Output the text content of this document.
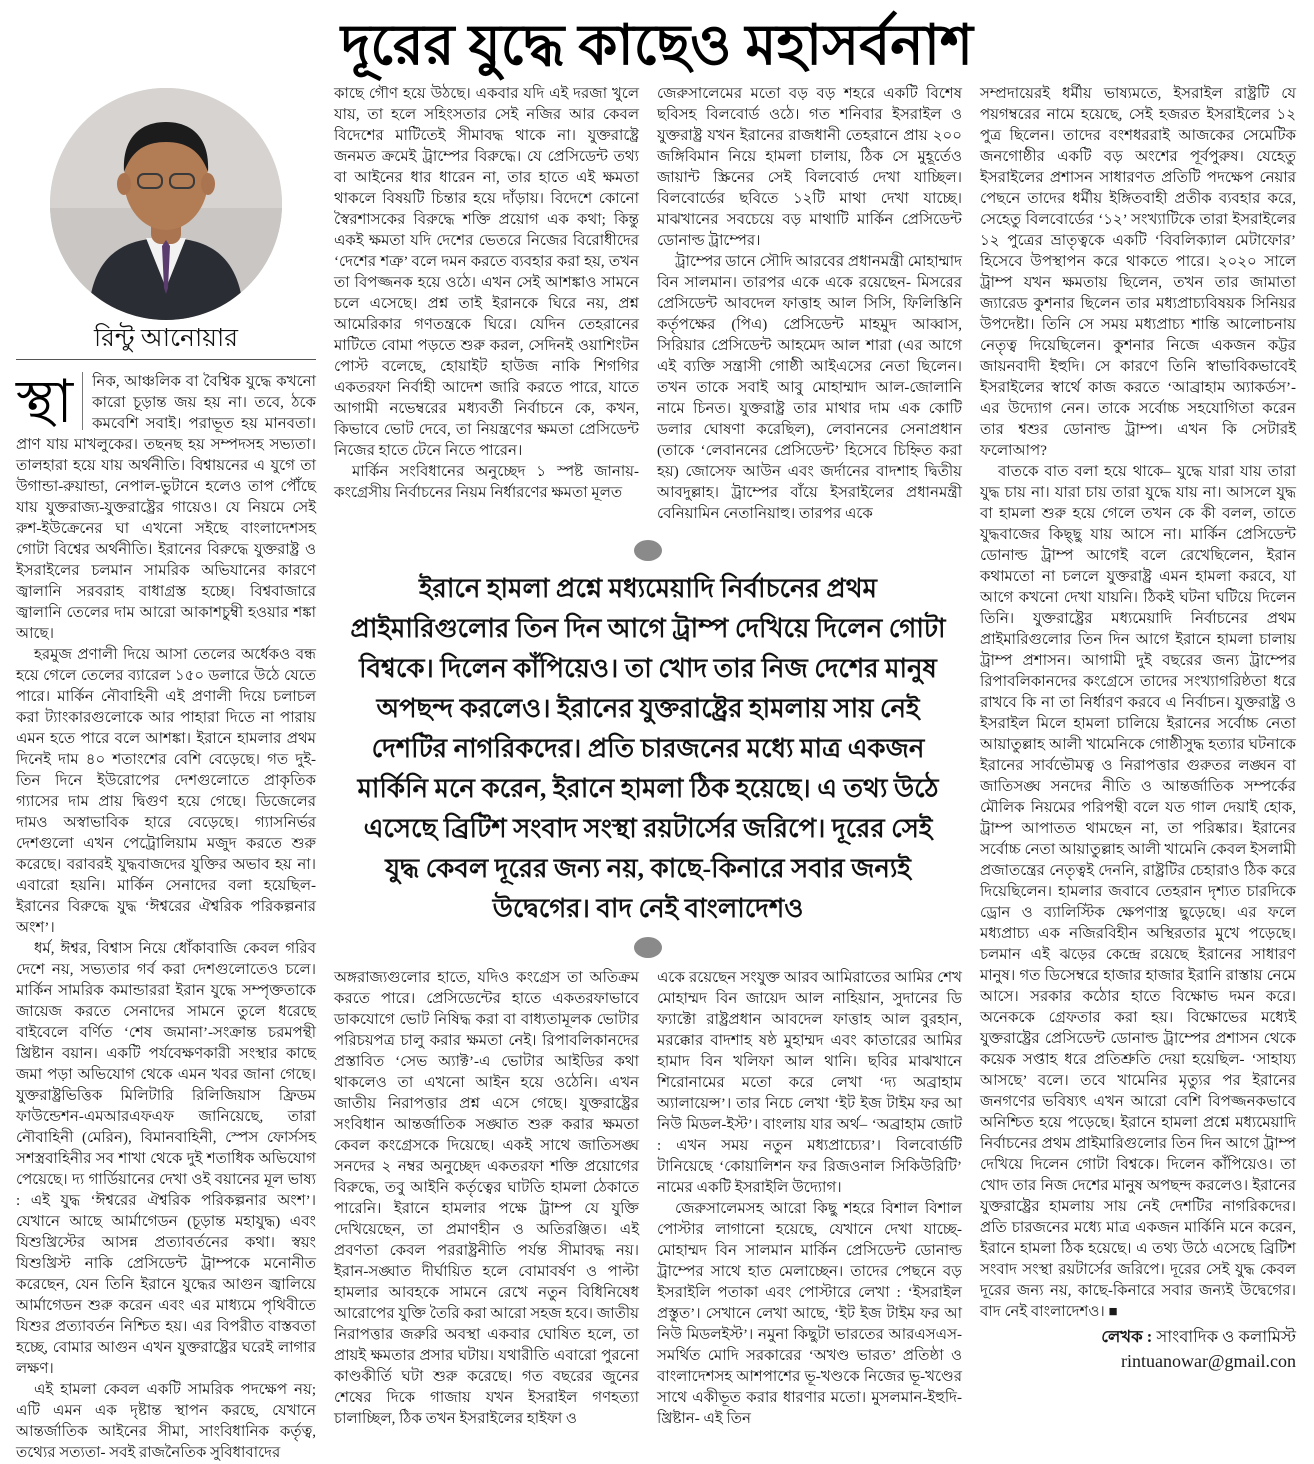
দূরের যুদ্ধে কাছেও মহাসর্বনাশ
রিন্টু আনোয়ার

স্থা	নিক, আঞ্চলিক বা বৈশ্বিক যুদ্ধে কখনো কারো চূড়ান্ত জয় হয় না। তবে, ঠকে কমবেশি সবাই। পরাভূত হয় মানবতা। প্রাণ যায় মাখলুকের। তছনছ হয় সম্পদসহ সভ্যতা। তালহারা হয়ে যায় অর্থনীতি। বিশ্বায়নের এ যুগে তা উগান্ডা-রুয়ান্ডা, নেপাল-ভুটানে হলেও তাপ পৌঁছে যায় যুক্তরাজ্য-যুক্তরাষ্ট্রের গায়েও। যে নিয়মে সেই রুশ-ইউক্রেনের ঘা এখনো সইছে বাংলাদেশসহ গোটা বিশ্বের অর্থনীতি। ইরানের বিরুদ্ধে যুক্তরাষ্ট্র ও ইসরাইলের চলমান সামরিক অভিযানের কারণে জ্বালানি সরবরাহ বাধাগ্রস্ত হচ্ছে। বিশ্ববাজারে জ্বালানি তেলের দাম আরো আকাশচুম্বী হওয়ার শঙ্কা আছে।

হরমুজ প্রণালী দিয়ে আসা তেলের অর্ধেকও বন্ধ হয়ে গেলে তেলের ব্যারেল ১৫০ ডলারে উঠে যেতে পারে। মার্কিন নৌবাহিনী এই প্রণালী দিয়ে চলাচল করা ট্যাংকারগুলোকে আর পাহারা দিতে না পারায় এমন হতে পারে বলে আশঙ্কা। ইরানে হামলার প্রথম দিনেই দাম ৪০ শতাংশের বেশি বেড়েছে। গত দুই-তিন দিনে ইউরোপের দেশগুলোতে প্রাকৃতিক গ্যাসের দাম প্রায় দ্বিগুণ হয়ে গেছে। ডিজেলের দামও অস্বাভাবিক হারে বেড়েছে। গ্যাসনির্ভর দেশগুলো এখন পেট্রোলিয়াম মজুদ করতে শুরু করেছে। বরাবরই যুদ্ধবাজদের যুক্তির অভাব হয় না। এবারো হয়নি। মার্কিন সেনাদের বলা হয়েছিল- ইরানের বিরুদ্ধে যুদ্ধ ‘ঈশ্বরের ঐশ্বরিক পরিকল্পনার অংশ’।

ধর্ম, ঈশ্বর, বিশ্বাস নিয়ে ধোঁকাবাজি কেবল গরিব দেশে নয়, সভ্যতার গর্ব করা দেশগুলোতেও চলে। মার্কিন সামরিক কমান্ডাররা ইরান যুদ্ধে সম্পৃক্ততাকে জায়েজ করতে সেনাদের সামনে তুলে ধরেছে বাইবেলে বর্ণিত ‘শেষ জমানা’-সংক্রান্ত চরমপন্থী খ্রিষ্টান বয়ান। একটি পর্যবেক্ষণকারী সংস্থার কাছে জমা পড়া অভিযোগ থেকে এমন খবর জানা গেছে। যুক্তরাষ্ট্রভিত্তিক মিলিটারি রিলিজিয়াস ফ্রিডম ফাউন্ডেশন-এমআরএফএফ জানিয়েছে, তারা নৌবাহিনী (মেরিন), বিমানবাহিনী, স্পেস ফোর্সসহ সশস্ত্রবাহিনীর সব শাখা থেকে দুই শতাধিক অভিযোগ পেয়েছে। দ্য গার্ডিয়ানের দেখা ওই বয়ানের মূল ভাষ্য : এই যুদ্ধ ‘ঈশ্বরের ঐশ্বরিক পরিকল্পনার অংশ’। যেখানে আছে আর্মাগেডন (চূড়ান্ত মহাযুদ্ধ) এবং যিশুখ্রিস্টের আসন্ন প্রত্যাবর্তনের কথা। স্বয়ং যিশুখ্রিস্ট নাকি প্রেসিডেন্ট ট্রাম্পকে মনোনীত করেছেন, যেন তিনি ইরানে যুদ্ধের আগুন জ্বালিয়ে আর্মাগেডন শুরু করেন এবং এর মাধ্যমে পৃথিবীতে যিশুর প্রত্যাবর্তন নিশ্চিত হয়। এর বিপরীত বাস্তবতা হচ্ছে, বোমার আগুন এখন যুক্তরাষ্ট্রের ঘরেই লাগার লক্ষণ।

এই হামলা কেবল একটি সামরিক পদক্ষেপ নয়; এটি এমন এক দৃষ্টান্ত স্থাপন করছে, যেখানে আন্তর্জাতিক আইনের সীমা, সাংবিধানিক কর্তৃত্ব, তথ্যের সত্যতা- সবই রাজনৈতিক সুবিধাবাদের

কাছে গৌণ হয়ে উঠছে। একবার যদি এই দরজা খুলে যায়, তা হলে সহিংসতার সেই নজির আর কেবল বিদেশের মাটিতেই সীমাবদ্ধ থাকে না। যুক্তরাষ্ট্রে জনমত ক্রমেই ট্রাম্পের বিরুদ্ধে। যে প্রেসিডেন্ট তথ্য বা আইনের ধার ধারেন না, তার হাতে এই ক্ষমতা থাকলে বিষয়টি চিন্তার হয়ে দাঁড়ায়। বিদেশে কোনো স্বৈরশাসকের বিরুদ্ধে শক্তি প্রয়োগ এক কথা; কিন্তু একই ক্ষমতা যদি দেশের ভেতরে নিজের বিরোধীদের ‘দেশের শত্রু’ বলে দমন করতে ব্যবহার করা হয়, তখন তা বিপজ্জনক হয়ে ওঠে। এখন সেই আশঙ্কাও সামনে চলে এসেছে। প্রশ্ন তাই ইরানকে ঘিরে নয়, প্রশ্ন আমেরিকার গণতন্ত্রকে ঘিরে। যেদিন তেহরানের মাটিতে বোমা পড়তে শুরু করল, সেদিনই ওয়াশিংটন পোস্ট বলেছে, হোয়াইট হাউজ নাকি শিগগির একতরফা নির্বাহী আদেশ জারি করতে পারে, যাতে আগামী নভেম্বরের মধ্যবর্তী নির্বাচনে কে, কখন, কিভাবে ভোট দেবে, তা নিয়ন্ত্রণের ক্ষমতা প্রেসিডেন্ট নিজের হাতে টেনে নিতে পারেন।

মার্কিন সংবিধানের অনুচ্ছেদ ১ স্পষ্ট জানায়- কংগ্রেসীয় নির্বাচনের নিয়ম নির্ধারণের ক্ষমতা মূলত

জেরুসালেমের মতো বড় বড় শহরে একটি বিশেষ ছবিসহ বিলবোর্ড ওঠে। গত শনিবার ইসরাইল ও যুক্তরাষ্ট্র যখন ইরানের রাজধানী তেহরানে প্রায় ২০০ জঙ্গিবিমান নিয়ে হামলা চালায়, ঠিক সে মুহূর্তেও জায়ান্ট স্ক্রিনের সেই বিলবোর্ড দেখা যাচ্ছিল। বিলবোর্ডের ছবিতে ১২টি মাথা দেখা যাচ্ছে। মাঝখানের সবচেয়ে বড় মাথাটি মার্কিন প্রেসিডেন্ট ডোনাল্ড ট্রাম্পের।

ট্রাম্পের ডানে সৌদি আরবের প্রধানমন্ত্রী মোহাম্মাদ বিন সালমান। তারপর একে একে রয়েছেন- মিসরের প্রেসিডেন্ট আবদেল ফাত্তাহ আল সিসি, ফিলিস্তিনি কর্তৃপক্ষের (পিএ) প্রেসিডেন্ট মাহমুদ আব্বাস, সিরিয়ার প্রেসিডেন্ট আহমেদ আল শারা (এর আগে এই ব্যক্তি সন্ত্রাসী গোষ্ঠী আইএসের নেতা ছিলেন। তখন তাকে সবাই আবু মোহাম্মাদ আল-জোলানি নামে চিনত। যুক্তরাষ্ট্র তার মাথার দাম এক কোটি ডলার ঘোষণা করেছিল), লেবাননের সেনাপ্রধান (তাকে ‘লেবাননের প্রেসিডেন্ট’ হিসেবে চিহ্নিত করা হয়) জোসেফ আউন এবং জর্দানের বাদশাহ দ্বিতীয় আবদুল্লাহ। ট্রাম্পের বাঁয়ে ইসরাইলের প্রধানমন্ত্রী বেনিয়ামিন নেতানিয়াহু। তারপর একে

ইরানে হামলা প্রশ্নে মধ্যমেয়াদি নির্বাচনের প্রথম প্রাইমারিগুলোর তিন দিন আগে ট্রাম্প দেখিয়ে দিলেন গোটা বিশ্বকে। দিলেন কাঁপিয়েও। তা খোদ তার নিজ দেশের মানুষ অপছন্দ করলেও। ইরানের যুক্তরাষ্ট্রের হামলায় সায় নেই দেশটির নাগরিকদের। প্রতি চারজনের মধ্যে মাত্র একজন মার্কিনি মনে করেন, ইরানে হামলা ঠিক হয়েছে। এ তথ্য উঠে এসেছে ব্রিটিশ সংবাদ সংস্থা রয়টার্সের জরিপে। দূরের সেই যুদ্ধ কেবল দূরের জন্য নয়, কাছে-কিনারে সবার জন্যই উদ্বেগের। বাদ নেই বাংলাদেশও

অঙ্গরাজ্যগুলোর হাতে, যদিও কংগ্রেস তা অতিক্রম করতে পারে। প্রেসিডেন্টের হাতে একতরফাভাবে ডাকযোগে ভোট নিষিদ্ধ করা বা বাধ্যতামূলক ভোটার পরিচয়পত্র চালু করার ক্ষমতা নেই। রিপাবলিকানদের প্রস্তাবিত ‘সেভ অ্যাক্ট’-এ ভোটার আইডির কথা থাকলেও তা এখনো আইন হয়ে ওঠেনি। এখন জাতীয় নিরাপত্তার প্রশ্ন এসে গেছে। যুক্তরাষ্ট্রের সংবিধান আন্তর্জাতিক সঙ্ঘাত শুরু করার ক্ষমতা কেবল কংগ্রেসকে দিয়েছে। একই সাথে জাতিসঙ্ঘ সনদের ২ নম্বর অনুচ্ছেদ একতরফা শক্তি প্রয়োগের বিরুদ্ধে, তবু আইনি কর্তৃত্বের ঘাটতি হামলা ঠেকাতে পারেনি। ইরানে হামলার পক্ষে ট্রাম্প যে যুক্তি দেখিয়েছেন, তা প্রমাণহীন ও অতিরঞ্জিত। এই প্রবণতা কেবল পররাষ্ট্রনীতি পর্যন্ত সীমাবদ্ধ নয়। ইরান-সঙ্ঘাত দীর্ঘায়িত হলে বোমাবর্ষণ ও পাল্টা হামলার আবহকে সামনে রেখে নতুন বিধিনিষেধ আরোপের যুক্তি তৈরি করা আরো সহজ হবে। জাতীয় নিরাপত্তার জরুরি অবস্থা একবার ঘোষিত হলে, তা প্রায়ই ক্ষমতার প্রসার ঘটায়। যথারীতি এবারো পুরনো কাণ্ডকীর্তি ঘটা শুরু করেছে। গত বছরের জুনের শেষের দিকে গাজায় যখন ইসরাইল গণহত্যা চালাচ্ছিল, ঠিক তখন ইসরাইলের হাইফা ও

একে রয়েছেন সংযুক্ত আরব আমিরাতের আমির শেখ মোহাম্মদ বিন জায়েদ আল নাহিয়ান, সুদানের ডি ফ্যাক্টো রাষ্ট্রপ্রধান আবদেল ফাত্তাহ আল বুরহান, মরক্কোর বাদশাহ ষষ্ঠ মুহাম্মদ এবং কাতারের আমির হামাদ বিন খলিফা আল থানি। ছবির মাঝখানে শিরোনামের মতো করে লেখা ‘দ্য অব্রাহাম অ্যালায়েন্স’। তার নিচে লেখা ‘ইট ইজ টাইম ফর আ নিউ মিডল-ইস্ট’। বাংলায় যার অর্থ– ‘অব্রাহাম জোট : এখন সময় নতুন মধ্যপ্রাচ্যের’। বিলবোর্ডটি টানিয়েছে ‘কোয়ালিশন ফর রিজওনাল সিকিউরিটি’ নামের একটি ইসরাইলি উদ্যোগ।

জেরুসালেমসহ আরো কিছু শহরে বিশাল বিশাল পোস্টার লাগানো হয়েছে, যেখানে দেখা যাচ্ছে- মোহাম্মদ বিন সালমান মার্কিন প্রেসিডেন্ট ডোনাল্ড ট্রাম্পের সাথে হাত মেলাচ্ছেন। তাদের পেছনে বড় ইসরাইলি পতাকা এবং পোস্টারে লেখা : ‘ইসরাইল প্রস্তুত’। সেখানে লেখা আছে, ‘ইট ইজ টাইম ফর আ নিউ মিডলইস্ট’। নমুনা কিছুটা ভারতের আরএসএস-সমর্থিত মোদি সরকারের ‘অখণ্ড ভারত’ প্রতিষ্ঠা ও বাংলাদেশসহ আশপাশের ভূ-খণ্ডকে নিজের ভূ-খণ্ডের সাথে একীভূত করার ধারণার মতো। মুসলমান-ইহুদি-খ্রিষ্টান- এই তিন

সম্প্রদায়েরই ধর্মীয় ভাষ্যমতে, ইসরাইল রাষ্ট্রটি যে পয়গম্বরের নামে হয়েছে, সেই হজরত ইসরাইলের ১২ পুত্র ছিলেন। তাদের বংশধররাই আজকের সেমেটিক জনগোষ্ঠীর একটি বড় অংশের পূর্বপুরুষ। যেহেতু ইসরাইলের প্রশাসন সাধারণত প্রতিটি পদক্ষেপ নেয়ার পেছনে তাদের ধর্মীয় ইঙ্গিতবাহী প্রতীক ব্যবহার করে, সেহেতু বিলবোর্ডের ‘১২’ সংখ্যাটিকে তারা ইসরাইলের ১২ পুত্রের ভ্রাতৃত্বকে একটি ‘বিবলিক্যাল মেটাফোর’ হিসেবে উপস্থাপন করে থাকতে পারে। ২০২০ সালে ট্রাম্প যখন ক্ষমতায় ছিলেন, তখন তার জামাতা জ্যারেড কুশনার ছিলেন তার মধ্যপ্রাচ্যবিষয়ক সিনিয়র উপদেষ্টা। তিনি সে সময় মধ্যপ্রাচ্য শান্তি আলোচনায় নেতৃত্ব দিয়েছিলেন। কুশনার নিজে একজন কট্টর জায়নবাদী ইহুদি। সে কারণে তিনি স্বাভাবিকভাবেই ইসরাইলের স্বার্থে কাজ করতে ‘আব্রাহাম অ্যাকর্ডস’-এর উদ্যোগ নেন। তাকে সর্বোচ্চ সহযোগিতা করেন তার শ্বশুর ডোনাল্ড ট্রাম্প। এখন কি সেটারই ফলোআপ?

বাতকে বাত বলা হয়ে থাকে– যুদ্ধে যারা যায় তারা যুদ্ধ চায় না। যারা চায় তারা যুদ্ধে যায় না। আসলে যুদ্ধ বা হামলা শুরু হয়ে গেলে তখন কে কী বলল, তাতে যুদ্ধবাজের কিছ্ছু যায় আসে না। মার্কিন প্রেসিডেন্ট ডোনাল্ড ট্রাম্প আগেই বলে রেখেছিলেন, ইরান কথামতো না চললে যুক্তরাষ্ট্র এমন হামলা করবে, যা আগে কখনো দেখা যায়নি। ঠিকই ঘটনা ঘটিয়ে দিলেন তিনি। যুক্তরাষ্ট্রের মধ্যমেয়াদি নির্বাচনের প্রথম প্রাইমারিগুলোর তিন দিন আগে ইরানে হামলা চালায় ট্রাম্প প্রশাসন। আগামী দুই বছরের জন্য ট্রাম্পের রিপাবলিকানদের কংগ্রেসে তাদের সংখ্যাগরিষ্ঠতা ধরে রাখবে কি না তা নির্ধারণ করবে এ নির্বাচন। যুক্তরাষ্ট্র ও ইসরাইল মিলে হামলা চালিয়ে ইরানের সর্বোচ্চ নেতা আয়াতুল্লাহ আলী খামেনিকে গোষ্ঠীসুদ্ধ হত্যার ঘটনাকে ইরানের সার্বভৌমত্ব ও নিরাপত্তার গুরুতর লঙ্ঘন বা জাতিসঙ্ঘ সনদের নীতি ও আন্তর্জাতিক সম্পর্কের মৌলিক নিয়মের পরিপন্থী বলে যত গাল দেয়াই হোক, ট্রাম্প আপাতত থামছেন না, তা পরিষ্কার। ইরানের সর্বোচ্চ নেতা আয়াতুল্লাহ আলী খামেনি কেবল ইসলামী প্রজাতন্ত্রের নেতৃত্বই দেননি, রাষ্ট্রটির চেহারাও ঠিক করে দিয়েছিলেন। হামলার জবাবে তেহরান দৃশ্যত চারদিকে ড্রোন ও ব্যালিস্টিক ক্ষেপণাস্ত্র ছুড়েছে। এর ফলে মধ্যপ্রাচ্য এক নজিরবিহীন অস্থিরতার মুখে পড়েছে। চলমান এই ঝড়ের কেন্দ্রে রয়েছে ইরানের সাধারণ মানুষ। গত ডিসেম্বরে হাজার হাজার ইরানি রাস্তায় নেমে আসে। সরকার কঠোর হাতে বিক্ষোভ দমন করে। অনেককে গ্রেফতার করা হয়। বিক্ষোভের মধ্যেই যুক্তরাষ্ট্রের প্রেসিডেন্ট ডোনাল্ড ট্রাম্পের প্রশাসন থেকে কয়েক সপ্তাহ ধরে প্রতিশ্রুতি দেয়া হয়েছিল- ‘সাহায্য আসছে’ বলে। তবে খামেনির মৃত্যুর পর ইরানের জনগণের ভবিষ্যৎ এখন আরো বেশি বিপজ্জনকভাবে অনিশ্চিত হয়ে পড়েছে। ইরানে হামলা প্রশ্নে মধ্যমেয়াদি নির্বাচনের প্রথম প্রাইমারিগুলোর তিন দিন আগে ট্রাম্প দেখিয়ে দিলেন গোটা বিশ্বকে। দিলেন কাঁপিয়েও। তা খোদ তার নিজ দেশের মানুষ অপছন্দ করলেও। ইরানের যুক্তরাষ্ট্রের হামলায় সায় নেই দেশটির নাগরিকদের। প্রতি চারজনের মধ্যে মাত্র একজন মার্কিনি মনে করেন, ইরানে হামলা ঠিক হয়েছে। এ তথ্য উঠে এসেছে ব্রিটিশ সংবাদ সংস্থা রয়টার্সের জরিপে। দূরের সেই যুদ্ধ কেবল দূরের জন্য নয়, কাছে-কিনারে সবার জন্যই উদ্বেগের। বাদ নেই বাংলাদেশও। ■

লেখক : সাংবাদিক ও কলামিস্ট
rintuanowar@gmail.con
